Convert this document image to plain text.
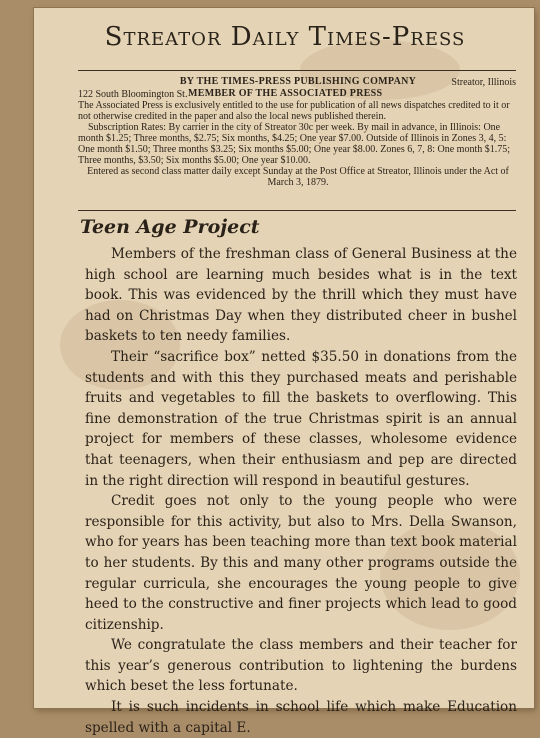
Streator Daily Times-Press
BY THE TIMES-PRESS PUBLISHING COMPANY	Streator, Illinois
122 South Bloomington St. MEMBER OF THE ASSOCIATED PRESS

The Associated Press is exclusively entitled to the use for publication of all news dispatches credited to it or not otherwise credited in the paper and also the local news published therein.

Subscription Rates: By carrier in the city of Streator 30c per week. By mail in advance, in Illinois: One month $1.25; Three months, $2.75; Six months, $4.25; One year $7.00. Outside of Illinois in Zones 3, 4, 5: One month $1.50; Three months $3.25; Six months $5.00; One year $8.00. Zones 6, 7, 8: One month $1.75; Three months, $3.50; Six months $5.00; One year $10.00.

Entered as second class matter daily except Sunday at the Post Office at Streator, Illinois under the Act of March 3, 1879.

Teen Age Project

Members of the freshman class of General Business at the high school are learning much besides what is in the text book. This was evidenced by the thrill which they must have had on Christmas Day when they distributed cheer in bushel baskets to ten needy families.

Their “sacrifice box” netted $35.50 in donations from the students and with this they purchased meats and perishable fruits and vegetables to fill the baskets to overflowing. This fine demonstration of the true Christmas spirit is an annual project for members of these classes, wholesome evidence that teenagers, when their enthusiasm and pep are directed in the right direction will respond in beautiful gestures.

Credit goes not only to the young people who were responsible for this activity, but also to Mrs. Della Swanson, who for years has been teaching more than text book material to her students. By this and many other programs outside the regular curricula, she encourages the young people to give heed to the constructive and finer projects which lead to good citizenship.

We congratulate the class members and their teacher for this year’s generous contribution to lightening the burdens which beset the less fortunate.

It is such incidents in school life which make Education spelled with a capital E.
